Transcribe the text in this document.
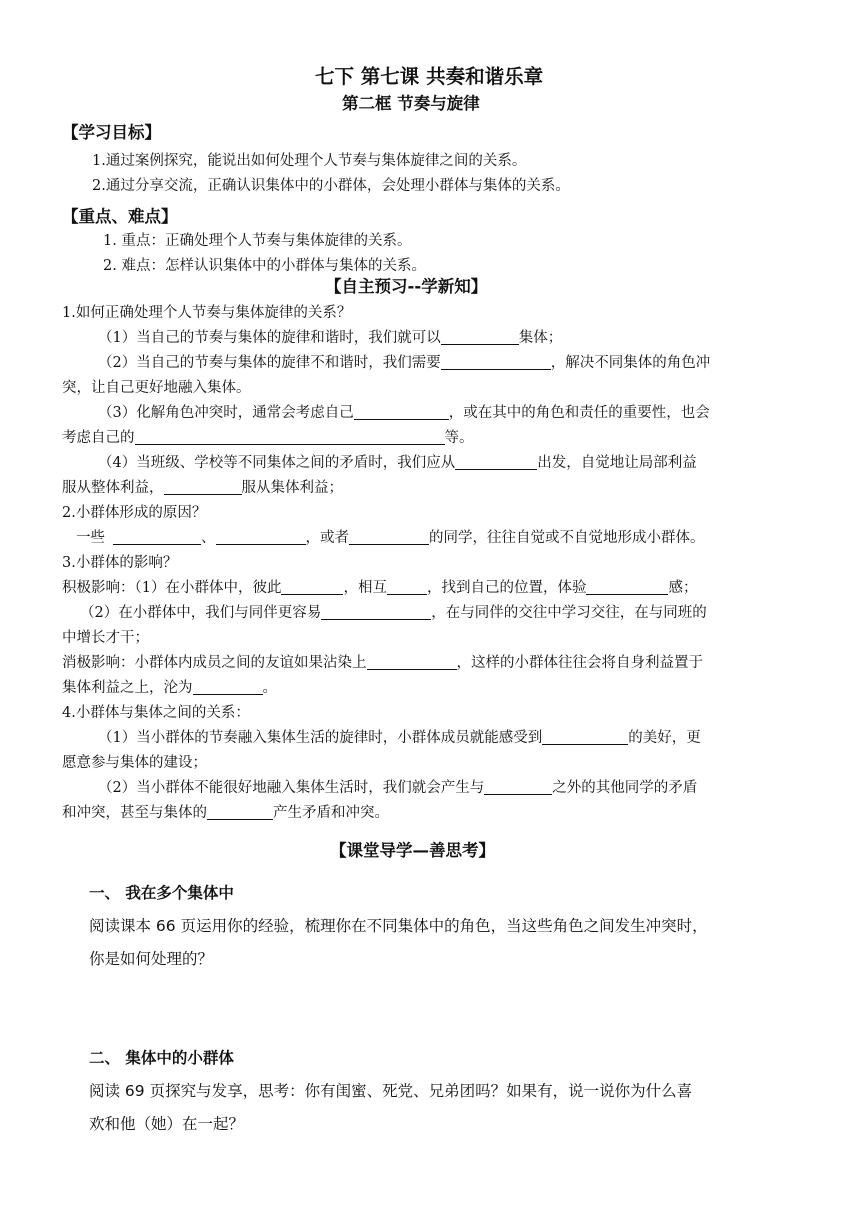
七下 第七课 共奏和谐乐章
第二框 节奏与旋律
【学习目标】
1.通过案例探究，能说出如何处理个人节奏与集体旋律之间的关系。
2.通过分享交流，正确认识集体中的小群体，会处理小群体与集体的关系。
【重点、难点】
1. 重点：正确处理个人节奏与集体旋律的关系。
2. 难点：怎样认识集体中的小群体与集体的关系。
【自主预习--学新知】
1.如何正确处理个人节奏与集体旋律的关系？
（1）当自己的节奏与集体的旋律和谐时，我们就可以	集体；
（2）当自己的节奏与集体的旋律不和谐时，我们需要	，解决不同集体的角色冲
突，让自己更好地融入集体。
（3）化解角色冲突时，通常会考虑自己	，或在其中的角色和责任的重要性，也会
考虑自己的	等。
（4）当班级、学校等不同集体之间的矛盾时，我们应从	出发，自觉地让局部利益
服从整体利益，	服从集体利益；
2.小群体形成的原因？
一些	、	，或者	的同学，往往自觉或不自觉地形成小群体。
3.小群体的影响？
积极影响：（1）在小群体中，彼此	，相互	，找到自己的位置，体验	感；
（2）在小群体中，我们与同伴更容易	，在与同伴的交往中学习交往，在与同班的
中增长才干；
消极影响：小群体内成员之间的友谊如果沾染上	，这样的小群体往往会将自身利益置于
集体利益之上，沦为	。
4.小群体与集体之间的关系：
（1）当小群体的节奏融入集体生活的旋律时，小群体成员就能感受到	的美好，更
愿意参与集体的建设；
（2）当小群体不能很好地融入集体生活时，我们就会产生与	之外的其他同学的矛盾
和冲突，甚至与集体的	产生矛盾和冲突。
【课堂导学—善思考】
一、 我在多个集体中
阅读课本 66 页运用你的经验，梳理你在不同集体中的角色，当这些角色之间发生冲突时，
你是如何处理的？
二、 集体中的小群体
阅读 69 页探究与发享，思考：你有闺蜜、死党、兄弟团吗？如果有，说一说你为什么喜
欢和他（她）在一起？
